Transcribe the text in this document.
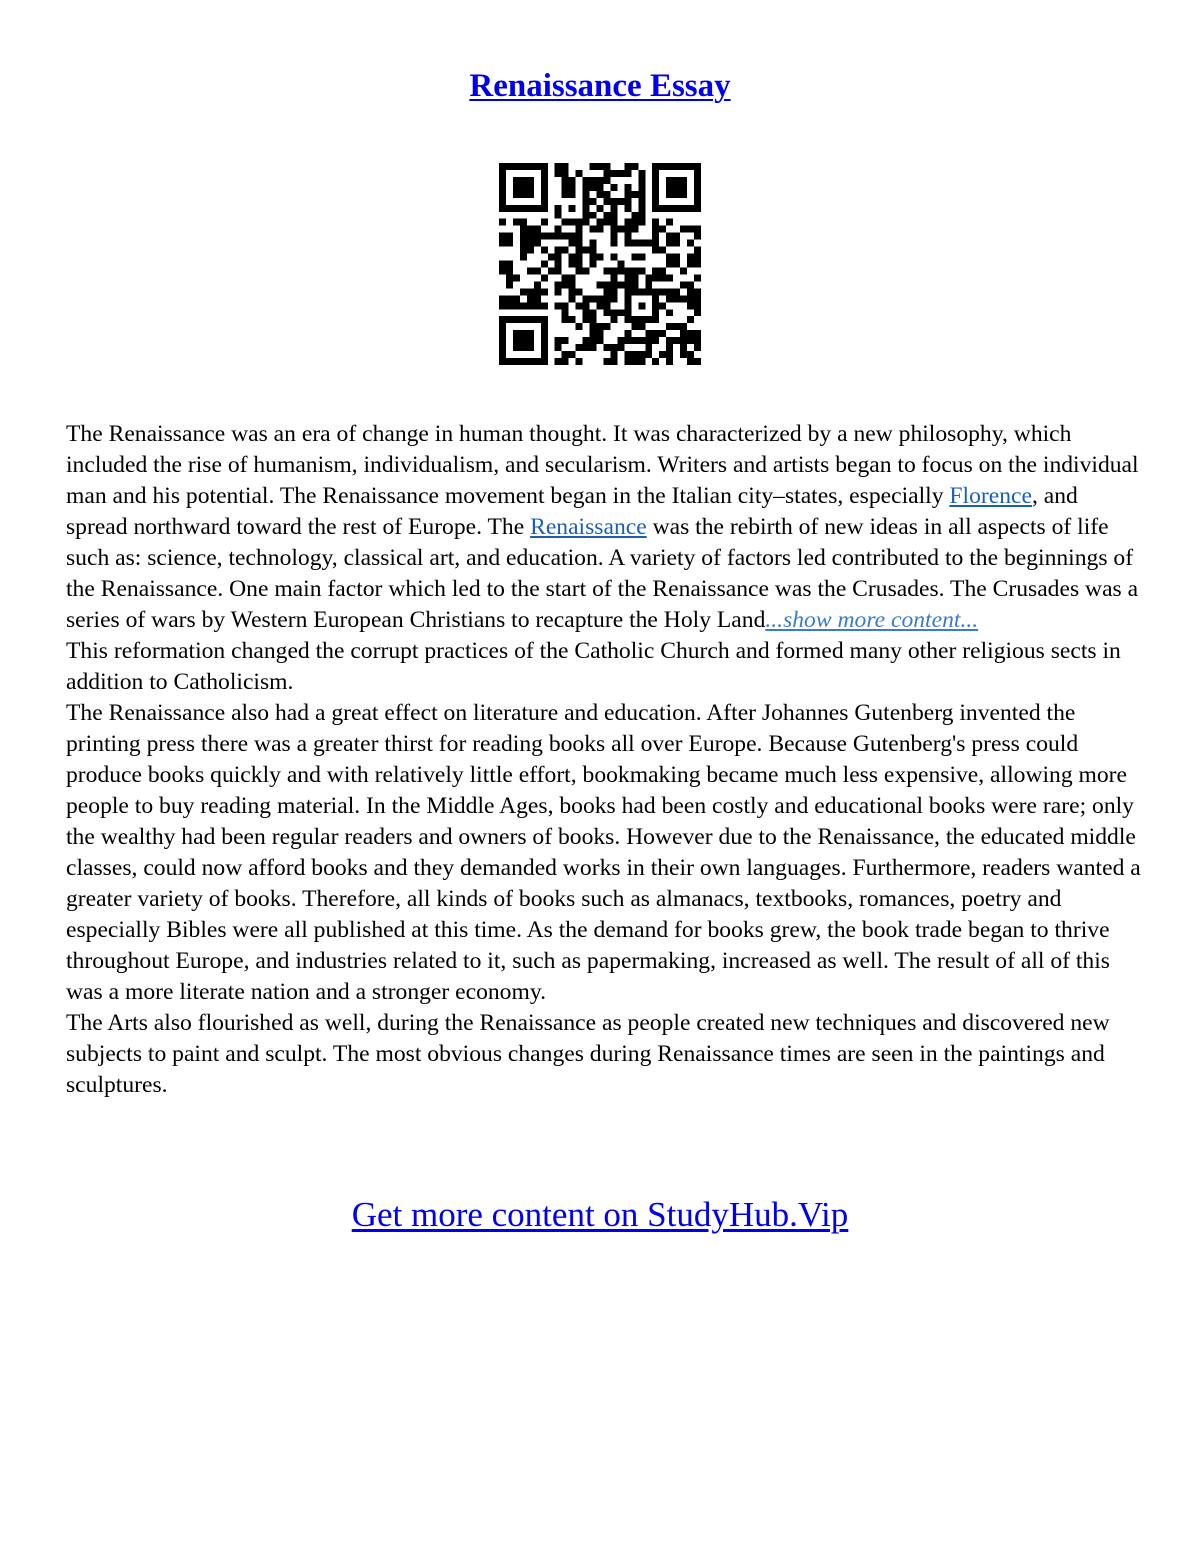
Renaissance Essay

The Renaissance was an era of change in human thought. It was characterized by a new philosophy, which included the rise of humanism, individualism, and secularism. Writers and artists began to focus on the individual man and his potential. The Renaissance movement began in the Italian city–states, especially Florence, and spread northward toward the rest of Europe. The Renaissance was the rebirth of new ideas in all aspects of life such as: science, technology, classical art, and education. A variety of factors led contributed to the beginnings of the Renaissance. One main factor which led to the start of the Renaissance was the Crusades. The Crusades was a series of wars by Western European Christians to recapture the Holy Land...show more content...

This reformation changed the corrupt practices of the Catholic Church and formed many other religious sects in addition to Catholicism.

The Renaissance also had a great effect on literature and education. After Johannes Gutenberg invented the printing press there was a greater thirst for reading books all over Europe. Because Gutenberg's press could produce books quickly and with relatively little effort, bookmaking became much less expensive, allowing more people to buy reading material. In the Middle Ages, books had been costly and educational books were rare; only the wealthy had been regular readers and owners of books. However due to the Renaissance, the educated middle classes, could now afford books and they demanded works in their own languages. Furthermore, readers wanted a greater variety of books. Therefore, all kinds of books such as almanacs, textbooks, romances, poetry and especially Bibles were all published at this time. As the demand for books grew, the book trade began to thrive throughout Europe, and industries related to it, such as papermaking, increased as well. The result of all of this was a more literate nation and a stronger economy.

The Arts also flourished as well, during the Renaissance as people created new techniques and discovered new subjects to paint and sculpt. The most obvious changes during Renaissance times are seen in the paintings and sculptures.

Get more content on StudyHub.Vip
